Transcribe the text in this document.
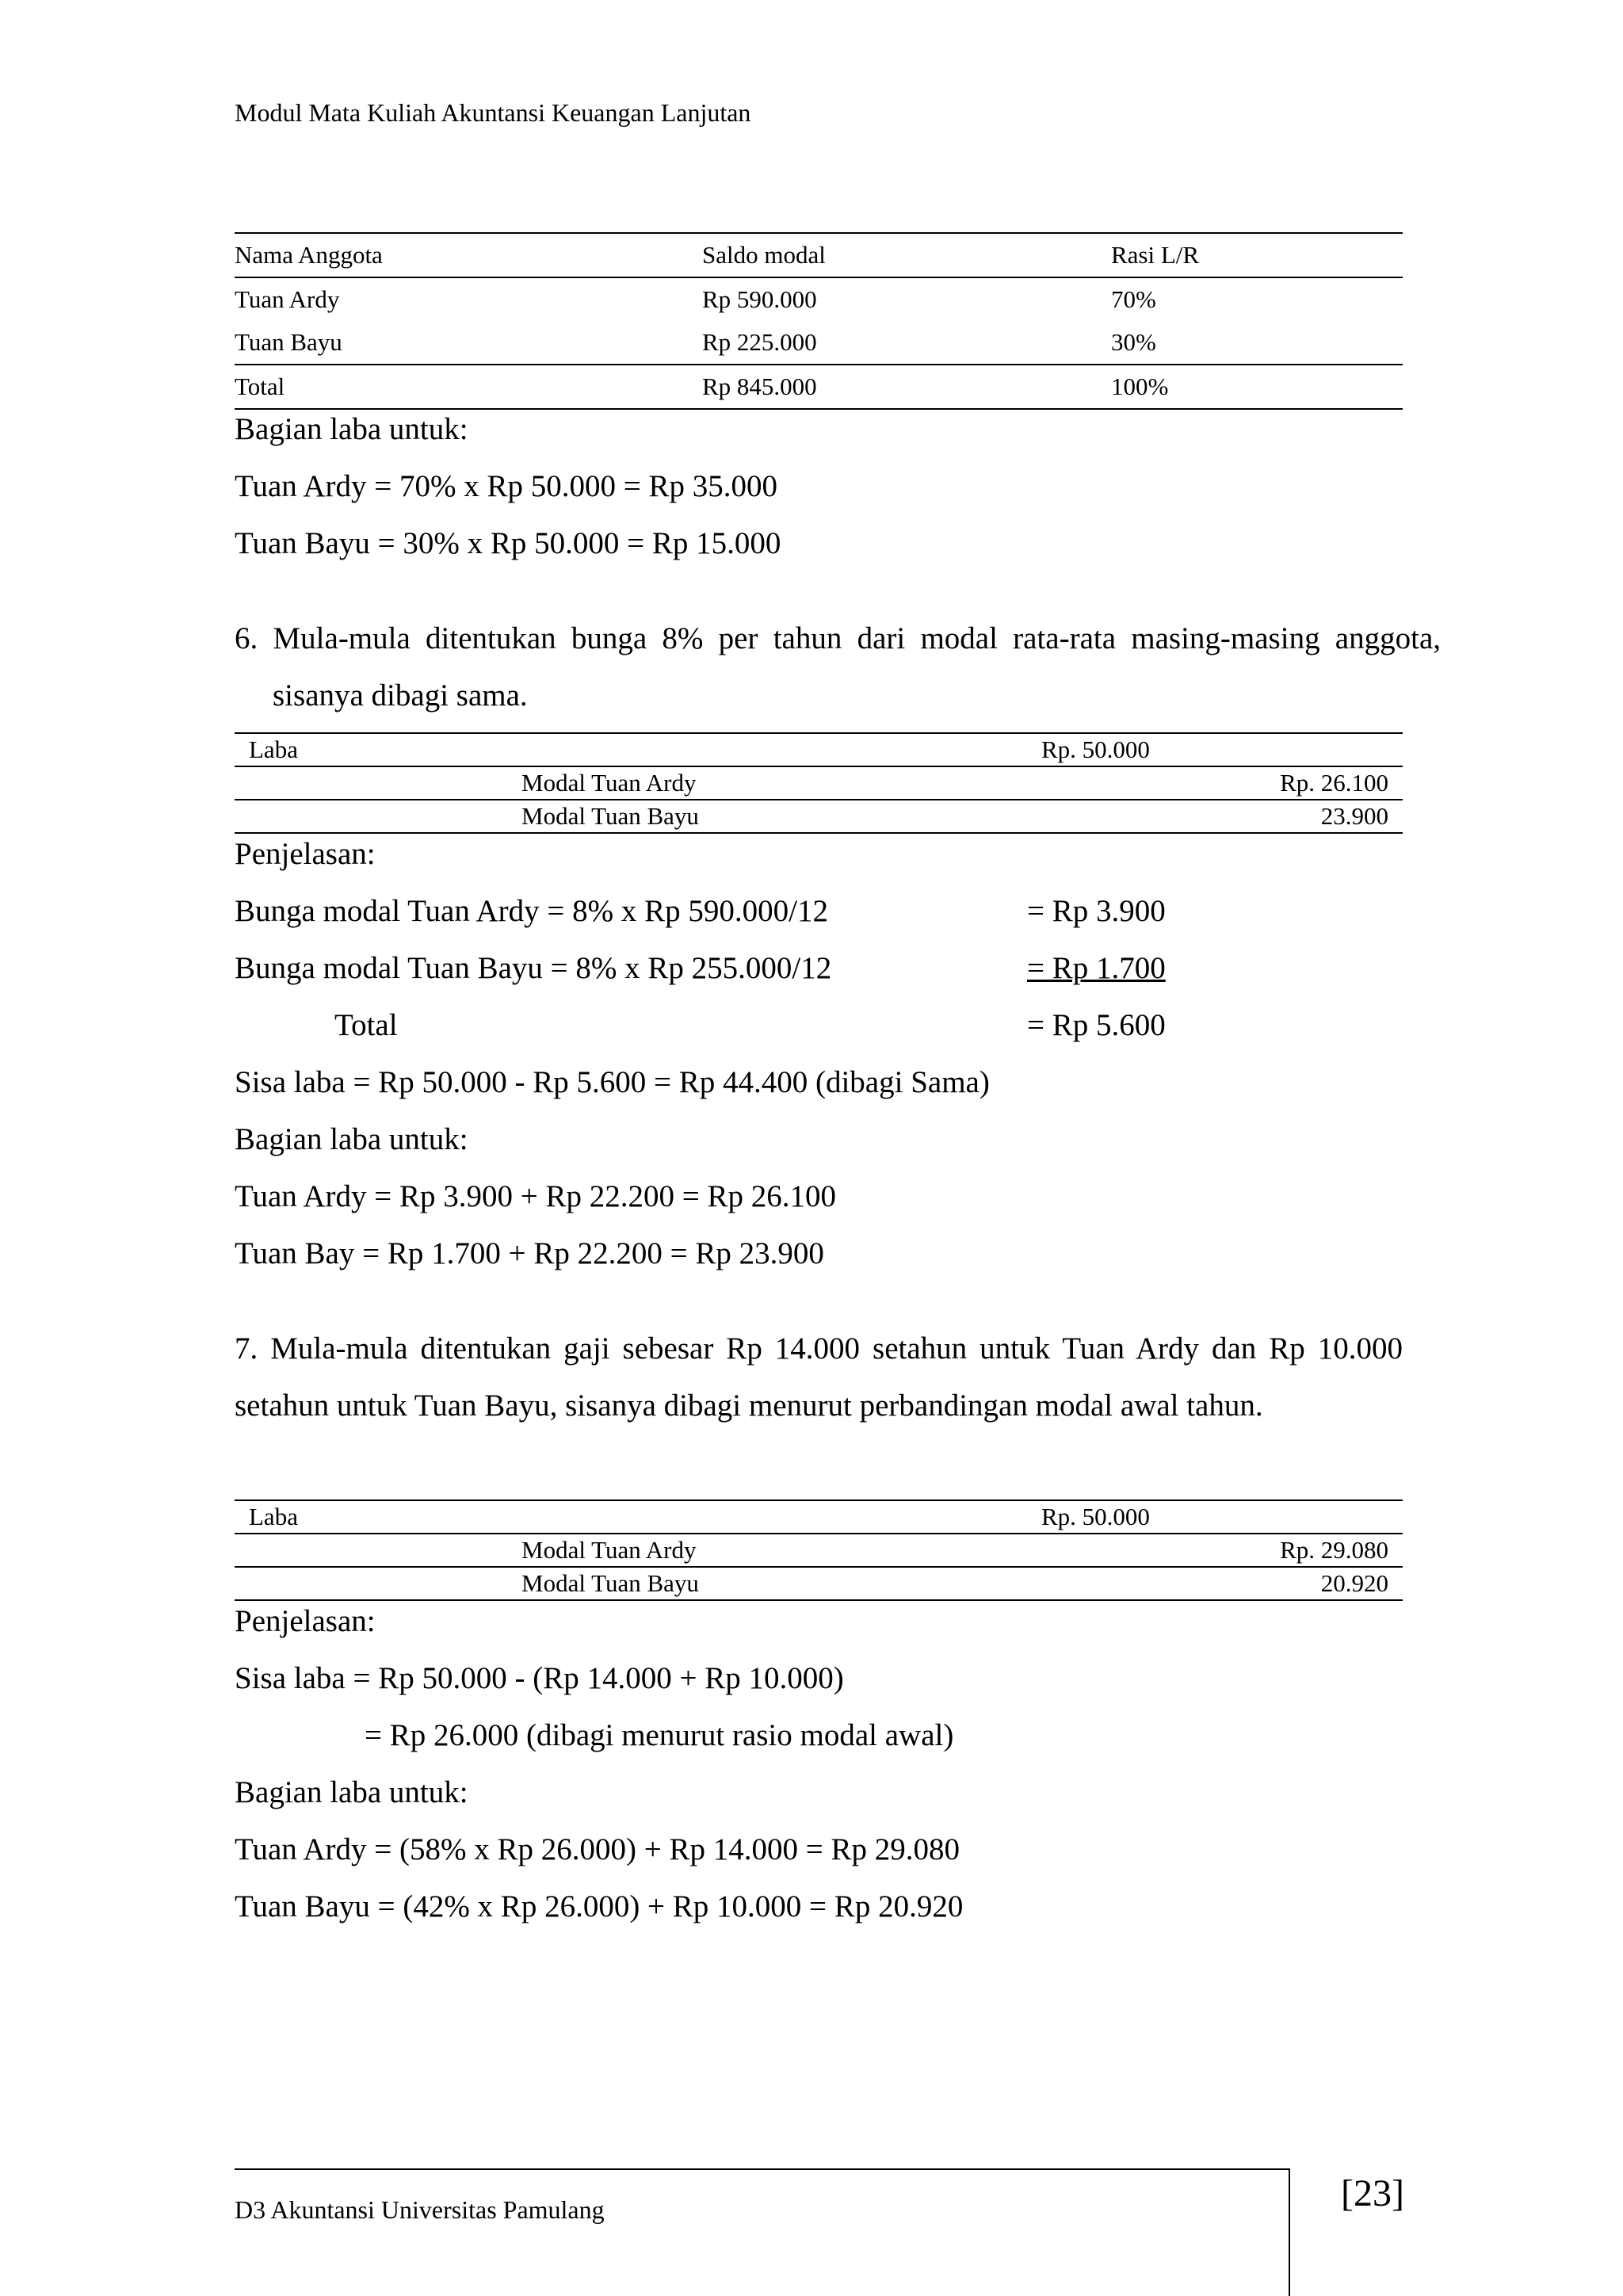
Modul Mata Kuliah Akuntansi Keuangan Lanjutan
Nama Anggota	Saldo modal	Rasi L/R
Tuan Ardy	Rp 590.000	70%
Tuan Bayu	Rp 225.000	30%
Total	Rp 845.000	100%
Bagian laba untuk:
Tuan Ardy = 70% x Rp 50.000 = Rp 35.000
Tuan Bayu = 30% x Rp 50.000 = Rp 15.000
6. Mula-mula ditentukan bunga 8% per tahun dari modal rata-rata masing-masing anggota, sisanya dibagi sama.
Laba	Rp. 50.000
Modal Tuan Ardy	Rp. 26.100
Modal Tuan Bayu	23.900
Penjelasan:
Bunga modal Tuan Ardy = 8% x Rp 590.000/12	= Rp 3.900
Bunga modal Tuan Bayu = 8% x Rp 255.000/12	= Rp 1.700
Total	= Rp 5.600
Sisa laba = Rp 50.000 - Rp 5.600 = Rp 44.400 (dibagi Sama)
Bagian laba untuk:
Tuan Ardy = Rp 3.900 + Rp 22.200 = Rp 26.100
Tuan Bay = Rp 1.700 + Rp 22.200 = Rp 23.900
7. Mula-mula ditentukan gaji sebesar Rp 14.000 setahun untuk Tuan Ardy dan Rp 10.000 setahun untuk Tuan Bayu, sisanya dibagi menurut perbandingan modal awal tahun.
Laba	Rp. 50.000
Modal Tuan Ardy	Rp. 29.080
Modal Tuan Bayu	20.920
Penjelasan:
Sisa laba = Rp 50.000 - (Rp 14.000 + Rp 10.000)
= Rp 26.000 (dibagi menurut rasio modal awal)
Bagian laba untuk:
Tuan Ardy = (58% x Rp 26.000) + Rp 14.000 = Rp 29.080
Tuan Bayu = (42% x Rp 26.000) + Rp 10.000 = Rp 20.920
D3 Akuntansi Universitas Pamulang	[23]
